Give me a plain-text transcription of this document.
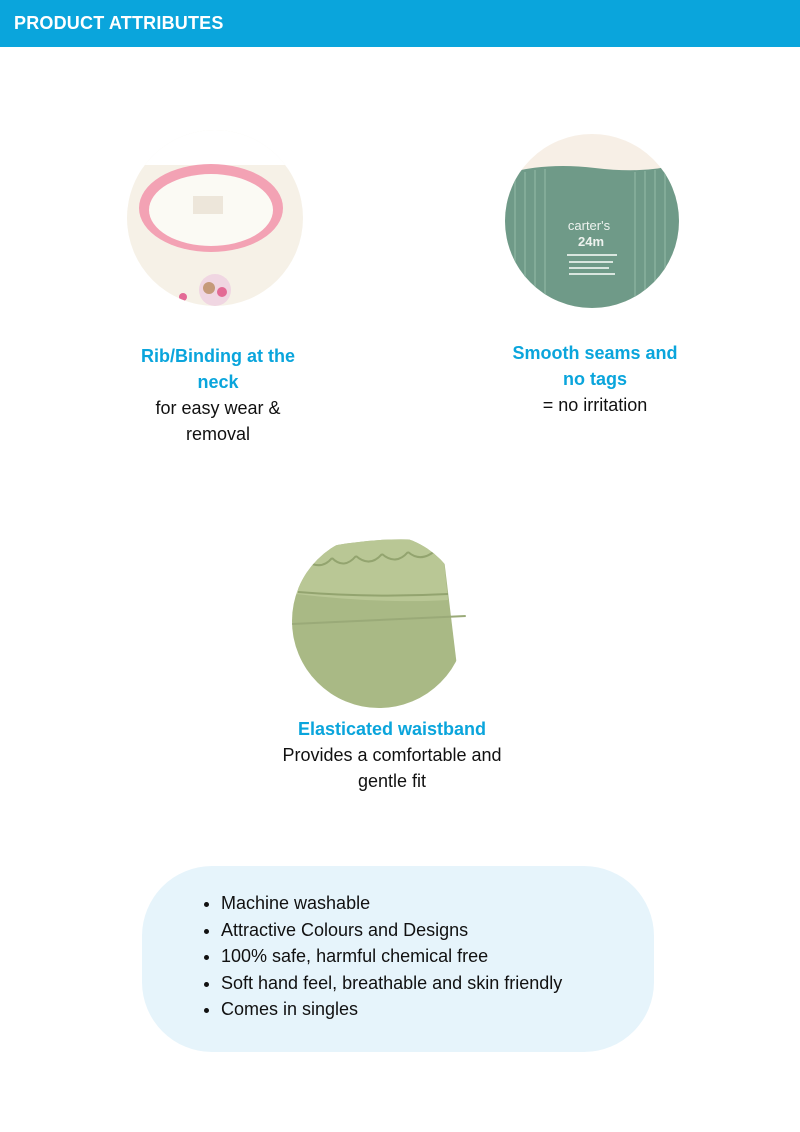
PRODUCT ATTRIBUTES
Rib/Binding at the neck
for easy wear & removal
carter's
24m
Smooth seams and no tags
= no irritation
Elasticated waistband
Provides a comfortable and gentle fit
• Machine washable
• Attractive Colours and Designs
• 100% safe, harmful chemical free
• Soft hand feel, breathable and skin friendly
• Comes in singles
